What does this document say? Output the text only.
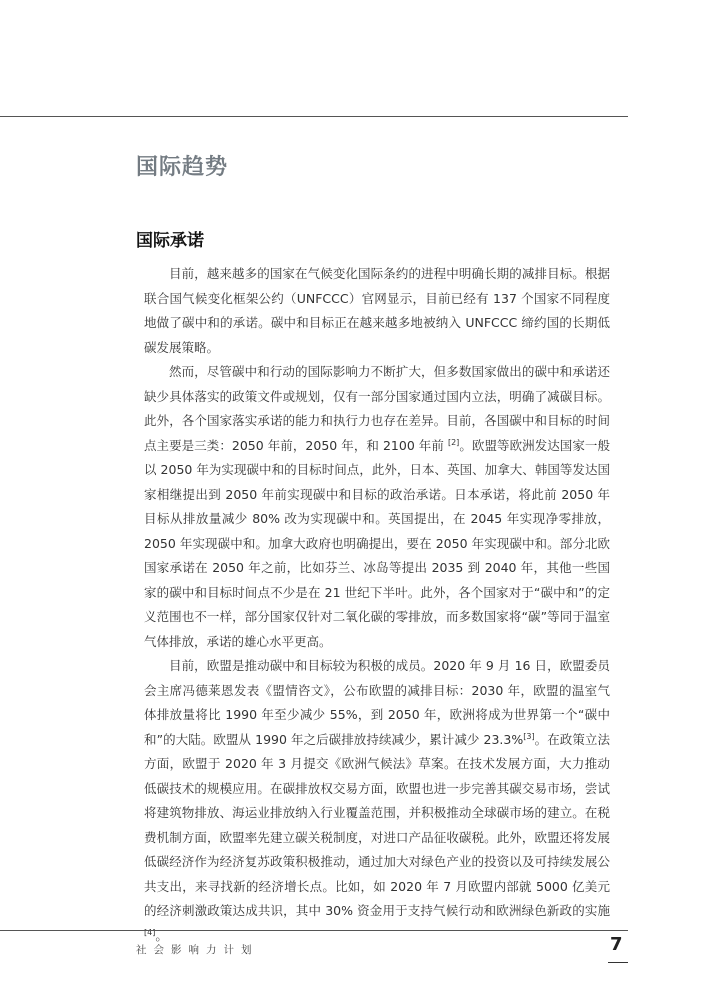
国际趋势
国际承诺

目前，越来越多的国家在气候变化国际条约的进程中明确长期的减排目标。根据联合国气候变化框架公约（UNFCCC）官网显示，目前已经有 137 个国家不同程度地做了碳中和的承诺。碳中和目标正在越来越多地被纳入 UNFCCC 缔约国的长期低碳发展策略。

然而，尽管碳中和行动的国际影响力不断扩大，但多数国家做出的碳中和承诺还缺少具体落实的政策文件或规划，仅有一部分国家通过国内立法，明确了减碳目标。此外，各个国家落实承诺的能力和执行力也存在差异。目前，各国碳中和目标的时间点主要是三类：2050 年前，2050 年，和 2100 年前 [2]。欧盟等欧洲发达国家一般以 2050 年为实现碳中和的目标时间点，此外，日本、英国、加拿大、韩国等发达国家相继提出到 2050 年前实现碳中和目标的政治承诺。日本承诺，将此前 2050 年目标从排放量减少 80% 改为实现碳中和。英国提出，在 2045 年实现净零排放，2050 年实现碳中和。加拿大政府也明确提出，要在 2050 年实现碳中和。部分北欧国家承诺在 2050 年之前，比如芬兰、冰岛等提出 2035 到 2040 年，其他一些国家的碳中和目标时间点不少是在 21 世纪下半叶。此外，各个国家对于“碳中和”的定义范围也不一样，部分国家仅针对二氧化碳的零排放，而多数国家将“碳”等同于温室气体排放，承诺的雄心水平更高。

目前，欧盟是推动碳中和目标较为积极的成员。2020 年 9 月 16 日，欧盟委员会主席冯德莱恩发表《盟情咨文》，公布欧盟的减排目标：2030 年，欧盟的温室气体排放量将比 1990 年至少减少 55%，到 2050 年，欧洲将成为世界第一个“碳中和”的大陆。欧盟从 1990 年之后碳排放持续减少，累计减少 23.3%[3]。在政策立法方面，欧盟于 2020 年 3 月提交《欧洲气候法》草案。在技术发展方面，大力推动低碳技术的规模应用。在碳排放权交易方面，欧盟也进一步完善其碳交易市场，尝试将建筑物排放、海运业排放纳入行业覆盖范围，并积极推动全球碳市场的建立。在税费机制方面，欧盟率先建立碳关税制度，对进口产品征收碳税。此外，欧盟还将发展低碳经济作为经济复苏政策积极推动，通过加大对绿色产业的投资以及可持续发展公共支出，来寻找新的经济增长点。比如，如 2020 年 7 月欧盟内部就 5000 亿美元的经济刺激政策达成共识，其中 30% 资金用于支持气候行动和欧洲绿色新政的实施 [4]。

社会影响力计划	7
